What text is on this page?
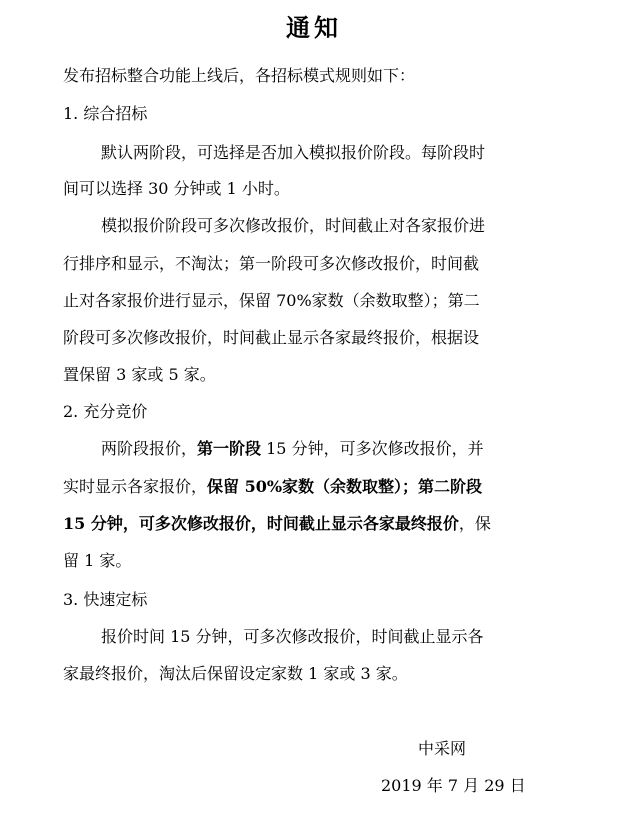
通知
发布招标整合功能上线后，各招标模式规则如下：
1. 综合招标
默认两阶段，可选择是否加入模拟报价阶段。每阶段时
间可以选择 30 分钟或 1 小时。
模拟报价阶段可多次修改报价，时间截止对各家报价进
行排序和显示，不淘汰；第一阶段可多次修改报价，时间截
止对各家报价进行显示，保留 70%家数（余数取整）；第二
阶段可多次修改报价，时间截止显示各家最终报价，根据设
置保留 3 家或 5 家。
2. 充分竞价
两阶段报价，第一阶段 15 分钟，可多次修改报价，并
实时显示各家报价，保留 50%家数（余数取整）；第二阶段
15 分钟，可多次修改报价，时间截止显示各家最终报价，保
留 1 家。
3. 快速定标
报价时间 15 分钟，可多次修改报价，时间截止显示各
家最终报价，淘汰后保留设定家数 1 家或 3 家。
中采网
2019 年 7 月 29 日
